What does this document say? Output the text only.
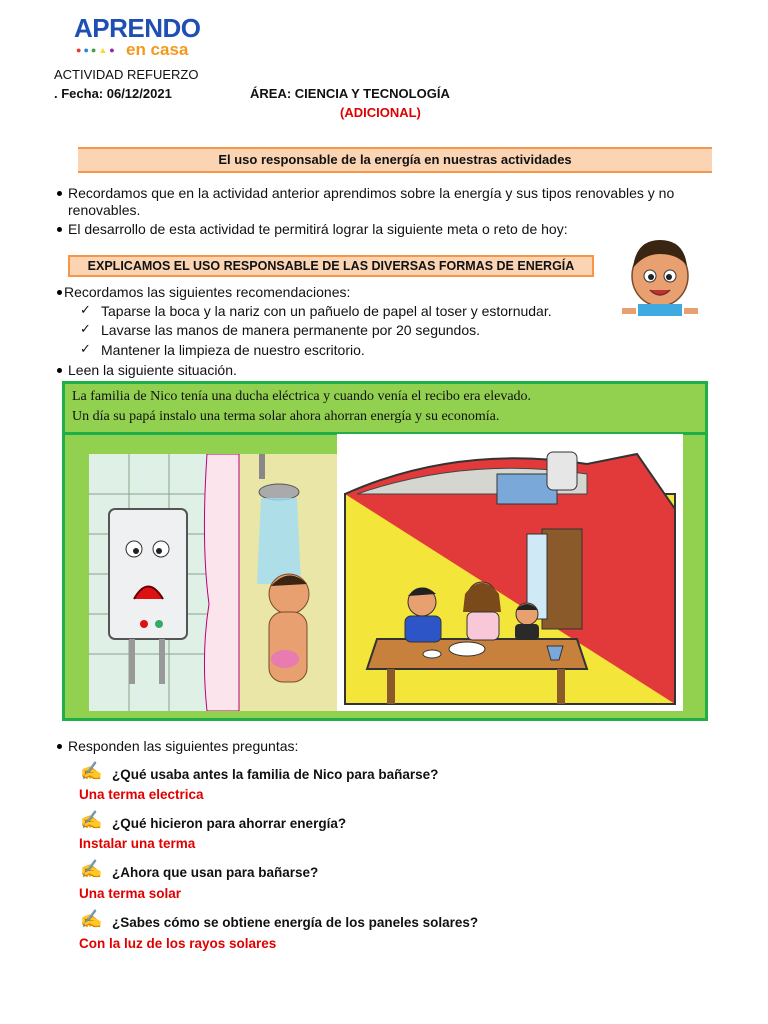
APRENDO
●●●▲● en casa
ACTIVIDAD REFUERZO
. Fecha: 06/12/2021	ÁREA: CIENCIA Y TECNOLOGÍA
(ADICIONAL)
El uso responsable de la energía en nuestras actividades
Recordamos que en la actividad anterior aprendimos sobre la energía y sus tipos renovables y no
renovables.
El desarrollo de esta actividad te permitirá lograr la siguiente meta o reto de hoy:
EXPLICAMOS EL USO RESPONSABLE DE LAS DIVERSAS FORMAS DE ENERGÍA
Recordamos las siguientes recomendaciones:
✓ Taparse la boca y la nariz con un pañuelo de papel al toser y estornudar.
✓ Lavarse las manos de manera permanente por 20 segundos.
✓ Mantener la limpieza de nuestro escritorio.
Leen la siguiente situación.
La familia de Nico tenía una ducha eléctrica y cuando venía el recibo era elevado.
Un día su papá instalo una terma solar ahora ahorran energía y su economía.
Responden las siguientes preguntas:
✍ ¿Qué usaba antes la familia de Nico para bañarse?
Una terma electrica
✍ ¿Qué hicieron para ahorrar energía?
Instalar una terma
✍ ¿Ahora que usan para bañarse?
Una terma solar
✍ ¿Sabes cómo se obtiene energía de los paneles solares?
Con la luz de los rayos solares
